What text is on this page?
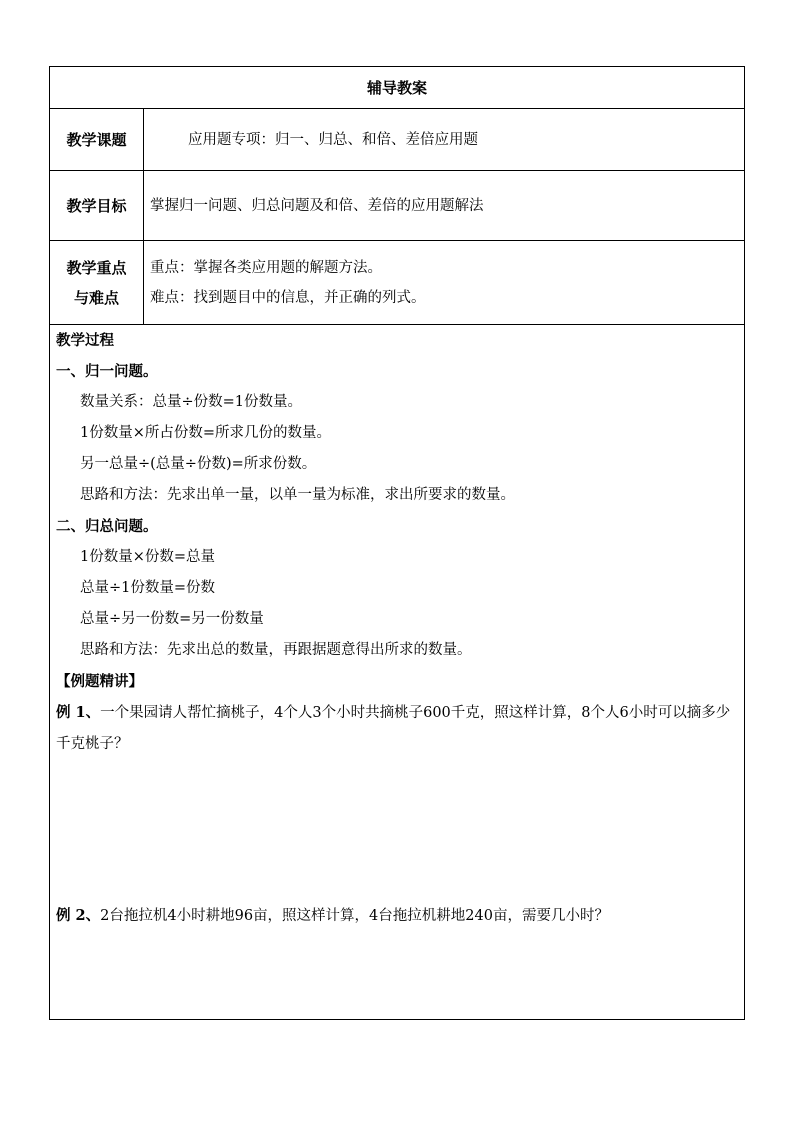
辅导教案
教学课题	应用题专项：归一、归总、和倍、差倍应用题
教学目标	掌握归一问题、归总问题及和倍、差倍的应用题解法
教学重点
与难点
重点：掌握各类应用题的解题方法。
难点：找到题目中的信息，并正确的列式。

教学过程

一、归一问题。

数量关系：总量÷份数=1份数量。

1份数量×所占份数=所求几份的数量。

另一总量÷(总量÷份数)=所求份数。

思路和方法：先求出单一量，以单一量为标准，求出所要求的数量。

二、归总问题。

1份数量×份数=总量

总量÷1份数量=份数

总量÷另一份数=另一份数量

思路和方法：先求出总的数量，再跟据题意得出所求的数量。

【例题精讲】

例 1、一个果园请人帮忙摘桃子，4个人3个小时共摘桃子600千克，照这样计算，8个人6小时可以摘多少千克桃子？

例 2、2台拖拉机4小时耕地96亩，照这样计算，4台拖拉机耕地240亩，需要几小时？
